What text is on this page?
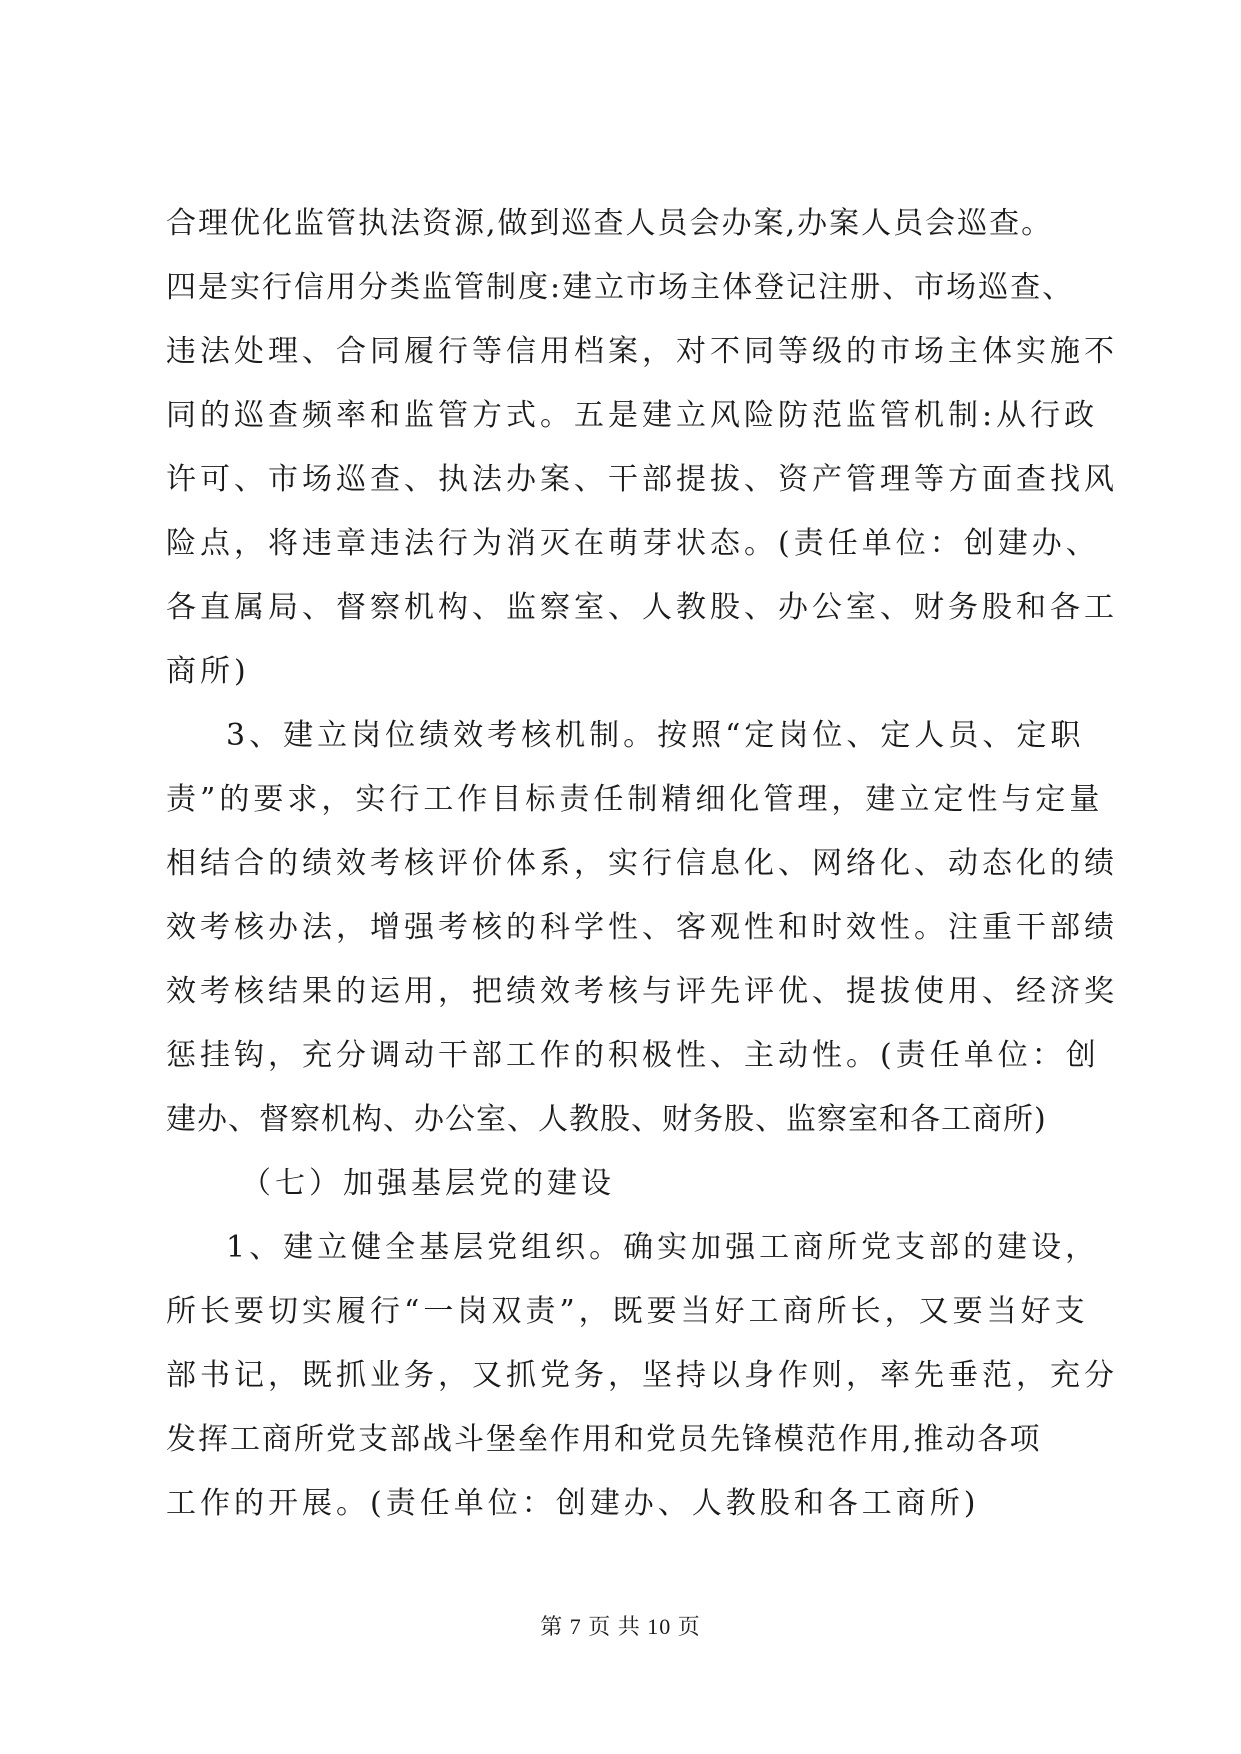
合理优化监管执法资源,做到巡查人员会办案,办案人员会巡查。
四是实行信用分类监管制度:建立市场主体登记注册、市场巡查、
违法处理、合同履行等信用档案，对不同等级的市场主体实施不
同的巡查频率和监管方式。五是建立风险防范监管机制:从行政
许可、市场巡查、执法办案、干部提拔、资产管理等方面查找风
险点，将违章违法行为消灭在萌芽状态。(责任单位：创建办、
各直属局、督察机构、监察室、人教股、办公室、财务股和各工
商所)
3、建立岗位绩效考核机制。按照“定岗位、定人员、定职
责”的要求，实行工作目标责任制精细化管理，建立定性与定量
相结合的绩效考核评价体系，实行信息化、网络化、动态化的绩
效考核办法，增强考核的科学性、客观性和时效性。注重干部绩
效考核结果的运用，把绩效考核与评先评优、提拔使用、经济奖
惩挂钩，充分调动干部工作的积极性、主动性。(责任单位：创
建办、督察机构、办公室、人教股、财务股、监察室和各工商所)
（七）加强基层党的建设
1、建立健全基层党组织。确实加强工商所党支部的建设，
所长要切实履行“一岗双责”，既要当好工商所长，又要当好支
部书记，既抓业务，又抓党务，坚持以身作则，率先垂范，充分
发挥工商所党支部战斗堡垒作用和党员先锋模范作用,推动各项
工作的开展。(责任单位：创建办、人教股和各工商所)
第 7 页 共 10 页
